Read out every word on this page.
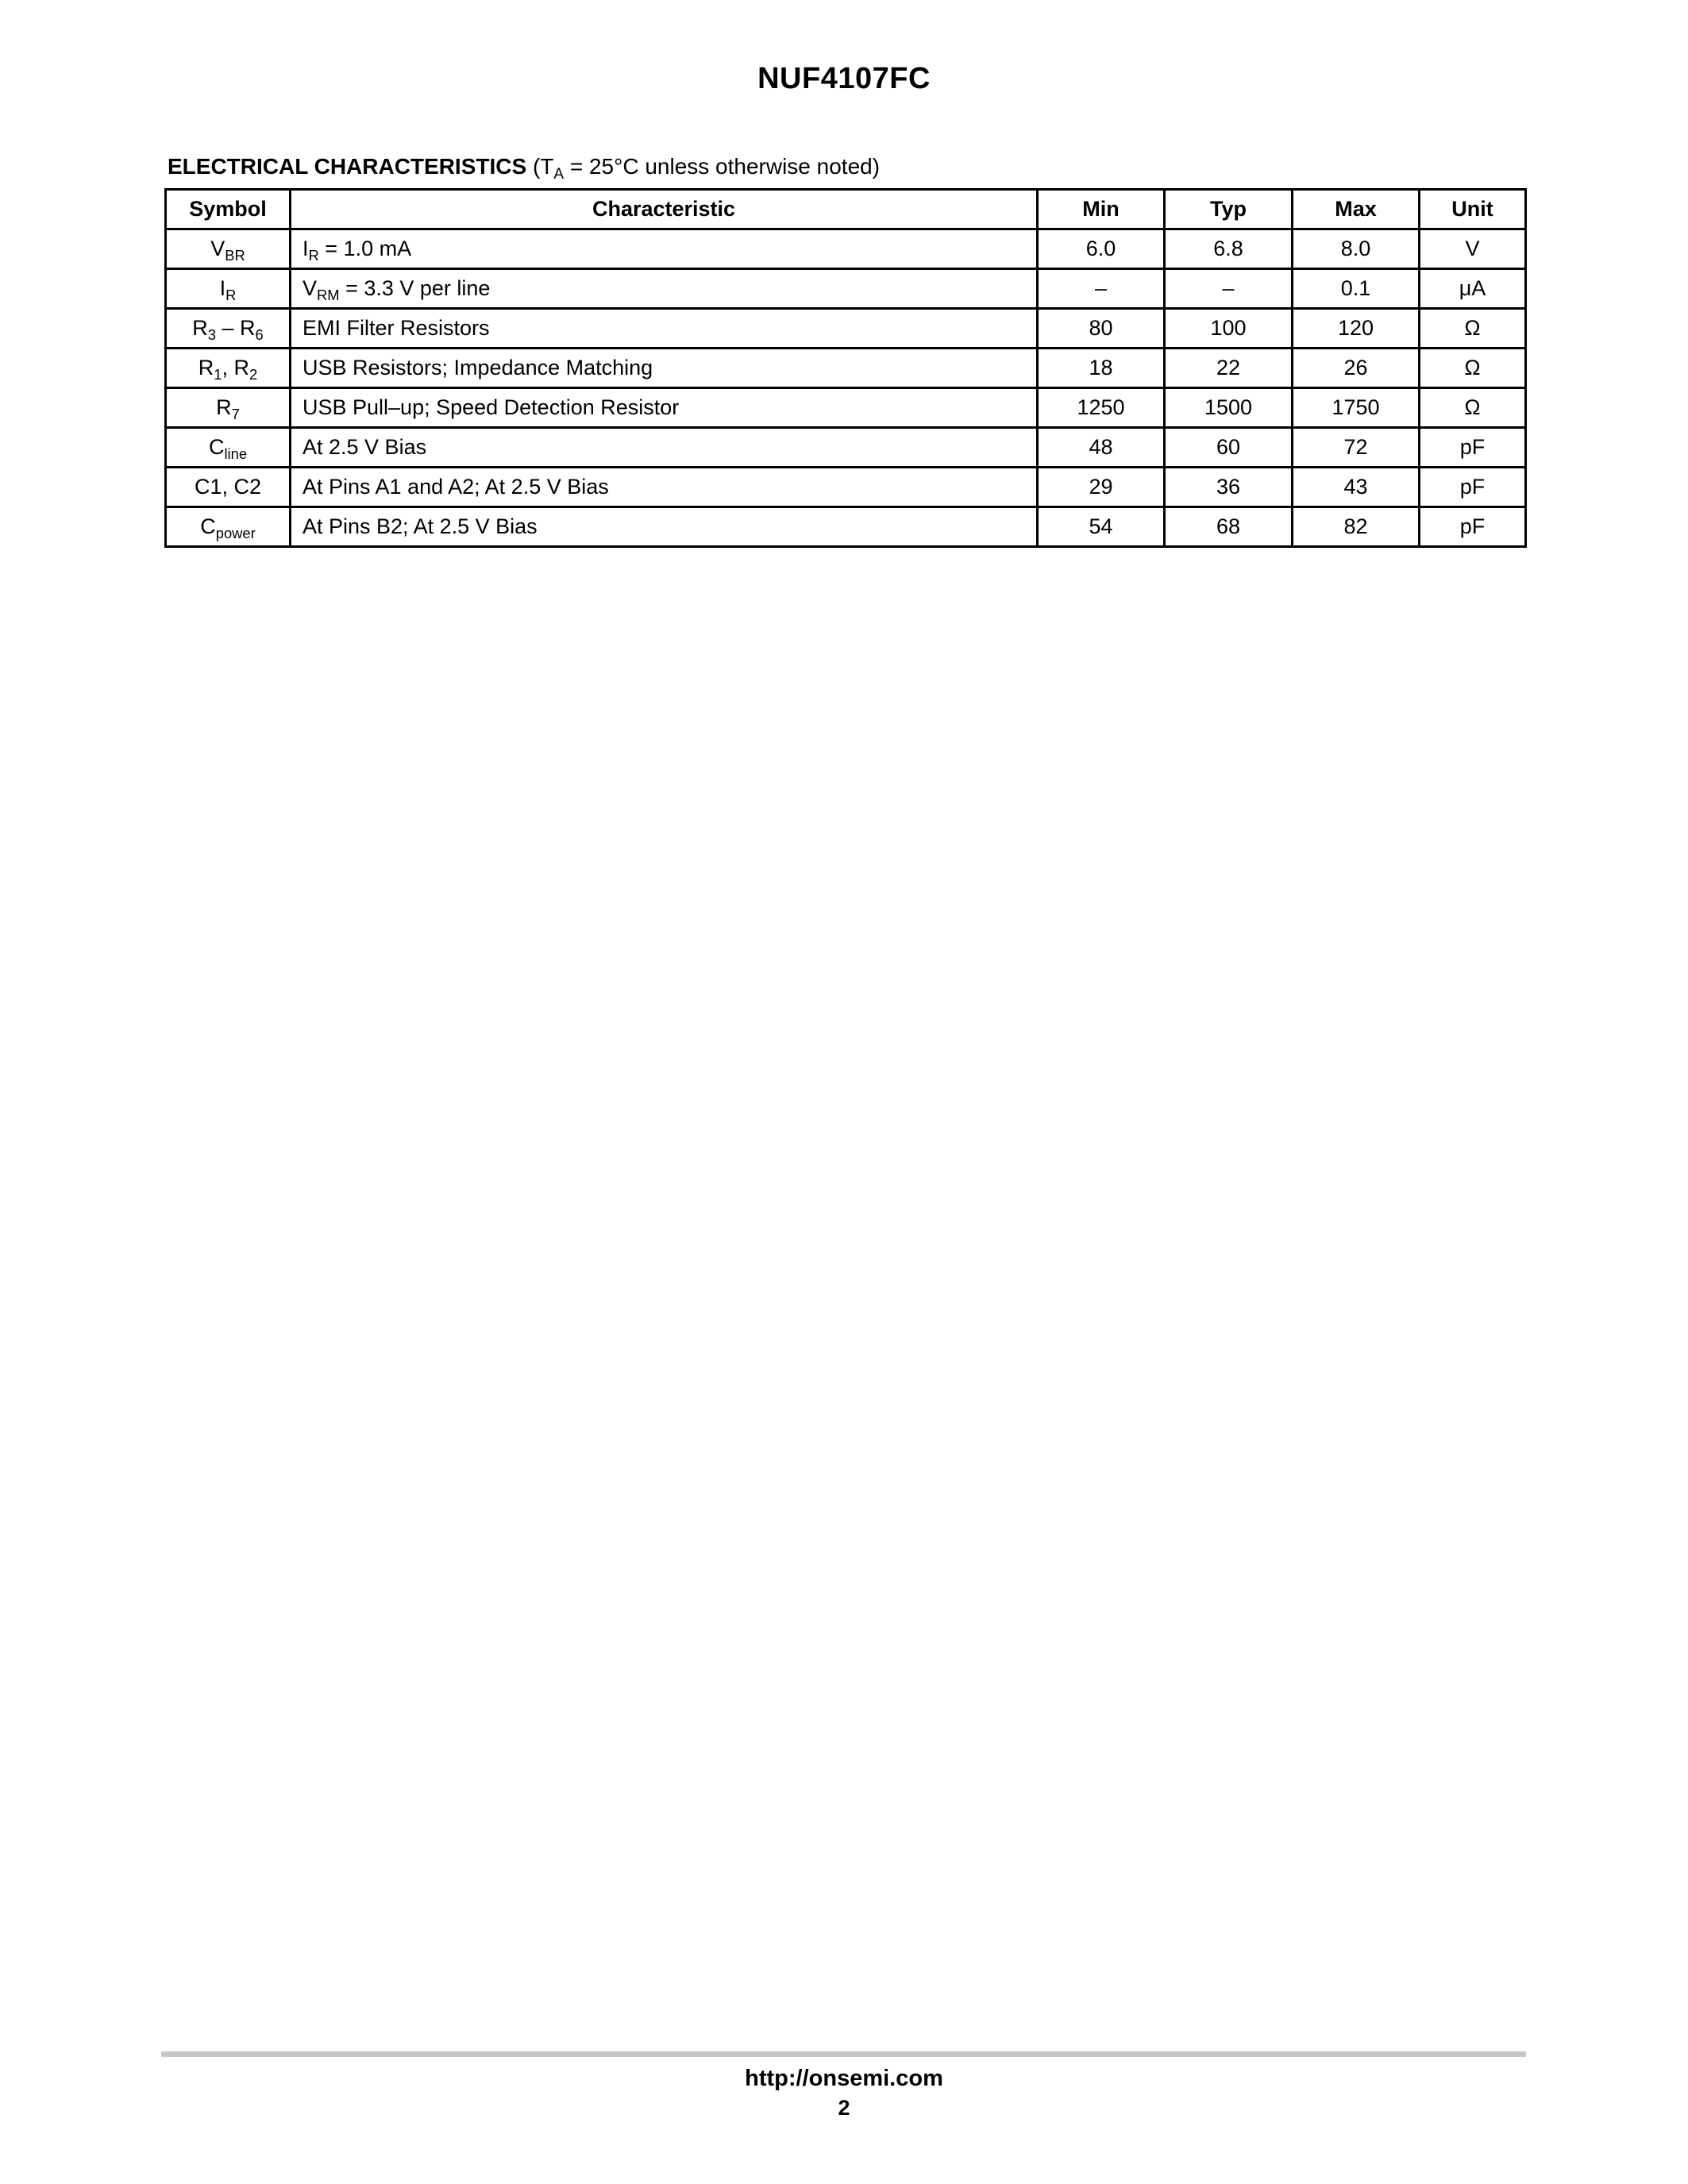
NUF4107FC
ELECTRICAL CHARACTERISTICS ($T_A = 25^\circ C$ unless otherwise noted)
Symbol	Characteristic	Min	Typ	Max	Unit
$V_{BR}$	$I_R = 1.0$ mA	6.0	6.8	8.0	V
$I_R$	$V_{RM} = 3.3$ V per line	–	–	0.1	μA
$R_3 - R_6$	EMI Filter Resistors	80	100	120	Ω
$R_1$, $R_2$	USB Resistors; Impedance Matching	18	22	26	Ω
$R_7$	USB Pull–up; Speed Detection Resistor	1250	1500	1750	Ω
$C_{line}$	At 2.5 V Bias	48	60	72	pF
C1, C2	At Pins A1 and A2; At 2.5 V Bias	29	36	43	pF
$C_{power}$	At Pins B2; At 2.5 V Bias	54	68	82	pF
http://onsemi.com
2
